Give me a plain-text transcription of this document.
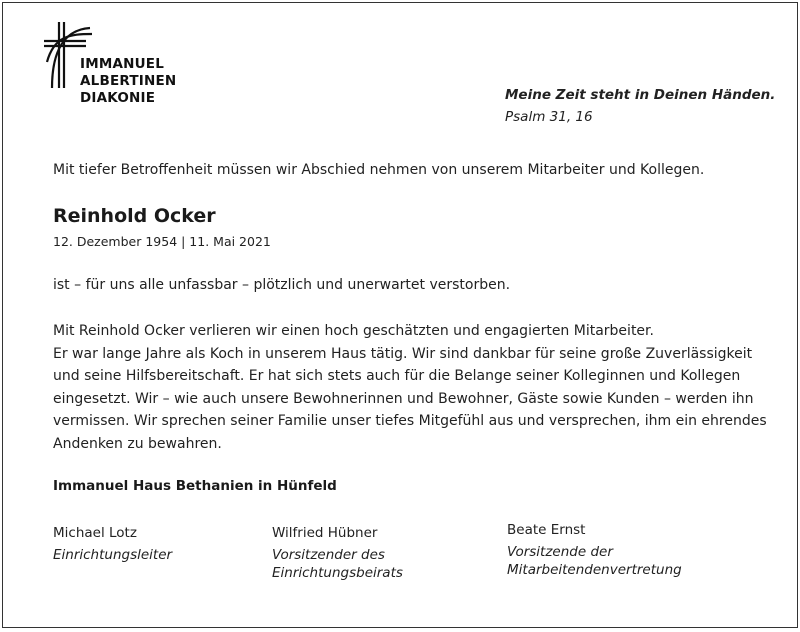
IMMANUEL
ALBERTINEN
DIAKONIE	Meine Zeit steht in Deinen Händen.
Psalm 31, 16
Mit tiefer Betroffenheit müssen wir Abschied nehmen von unserem Mitarbeiter und Kollegen.
Reinhold Ocker
12. Dezember 1954 | 11. Mai 2021
ist – für uns alle unfassbar – plötzlich und unerwartet verstorben.
Mit Reinhold Ocker verlieren wir einen hoch geschätzten und engagierten Mitarbeiter.
Er war lange Jahre als Koch in unserem Haus tätig. Wir sind dankbar für seine große Zuverlässigkeit
und seine Hilfsbereitschaft. Er hat sich stets auch für die Belange seiner Kolleginnen und Kollegen
eingesetzt. Wir – wie auch unsere Bewohnerinnen und Bewohner, Gäste sowie Kunden – werden ihn
vermissen. Wir sprechen seiner Familie unser tiefes Mitgefühl aus und versprechen, ihm ein ehrendes
Andenken zu bewahren.
Immanuel Haus Bethanien in Hünfeld
Michael Lotz
Einrichtungsleiter
Wilfried Hübner
Vorsitzender des
Einrichtungsbeirats
Beate Ernst
Vorsitzende der
Mitarbeitendenvertretung
